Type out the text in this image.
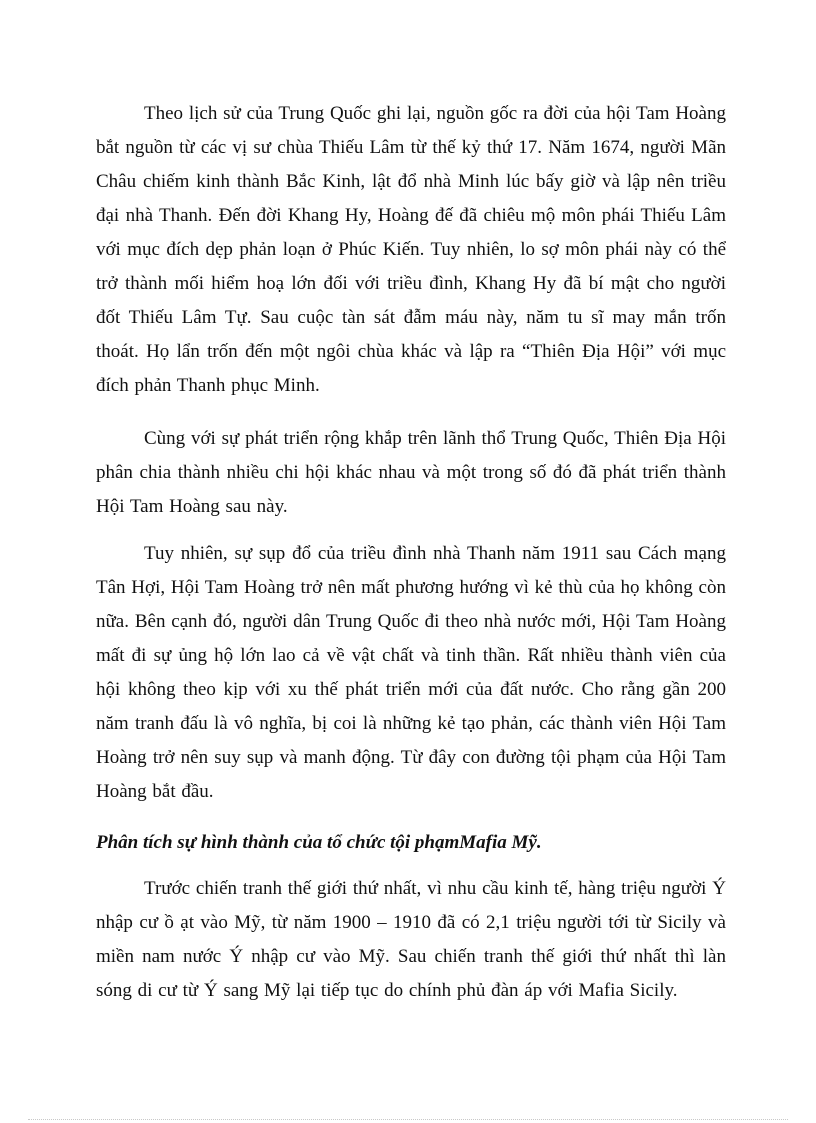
Theo lịch sử của Trung Quốc ghi lại, nguồn gốc ra đời của hội Tam Hoàng bắt nguồn từ các vị sư chùa Thiếu Lâm từ thế kỷ thứ 17. Năm 1674, người Mãn Châu chiếm kinh thành Bắc Kinh, lật đổ nhà Minh lúc bấy giờ và lập nên triều đại nhà Thanh. Đến đời Khang Hy, Hoàng đế đã chiêu mộ môn phái Thiếu Lâm với mục đích dẹp phản loạn ở Phúc Kiến. Tuy nhiên, lo sợ môn phái này có thể trở thành mối hiểm hoạ lớn đối với triều đình, Khang Hy đã bí mật cho người đốt Thiếu Lâm Tự. Sau cuộc tàn sát đẫm máu này, năm tu sĩ may mắn trốn thoát. Họ lẩn trốn đến một ngôi chùa khác và lập ra “Thiên Địa Hội” với mục đích phản Thanh phục Minh.

Cùng với sự phát triển rộng khắp trên lãnh thổ Trung Quốc, Thiên Địa Hội phân chia thành nhiều chi hội khác nhau và một trong số đó đã phát triển thành Hội Tam Hoàng sau này.

Tuy nhiên, sự sụp đổ của triều đình nhà Thanh năm 1911 sau Cách mạng Tân Hợi, Hội Tam Hoàng trở nên mất phương hướng vì kẻ thù của họ không còn nữa. Bên cạnh đó, người dân Trung Quốc đi theo nhà nước mới, Hội Tam Hoàng mất đi sự ủng hộ lớn lao cả về vật chất và tinh thần. Rất nhiều thành viên của hội không theo kịp với xu thế phát triển mới của đất nước. Cho rằng gần 200 năm tranh đấu là vô nghĩa, bị coi là những kẻ tạo phản, các thành viên Hội Tam Hoàng trở nên suy sụp và manh động. Từ đây con đường tội phạm của Hội Tam Hoàng bắt đầu.

Phân tích sự hình thành của tổ chức tội phạmMafia Mỹ.

Trước chiến tranh thế giới thứ nhất, vì nhu cầu kinh tế, hàng triệu người Ý nhập cư ồ ạt vào Mỹ, từ năm 1900 – 1910 đã có 2,1 triệu người tới từ Sicily và miền nam nước Ý nhập cư vào Mỹ. Sau chiến tranh thế giới thứ nhất thì làn sóng di cư từ Ý sang Mỹ lại tiếp tục do chính phủ đàn áp với Mafia Sicily.
